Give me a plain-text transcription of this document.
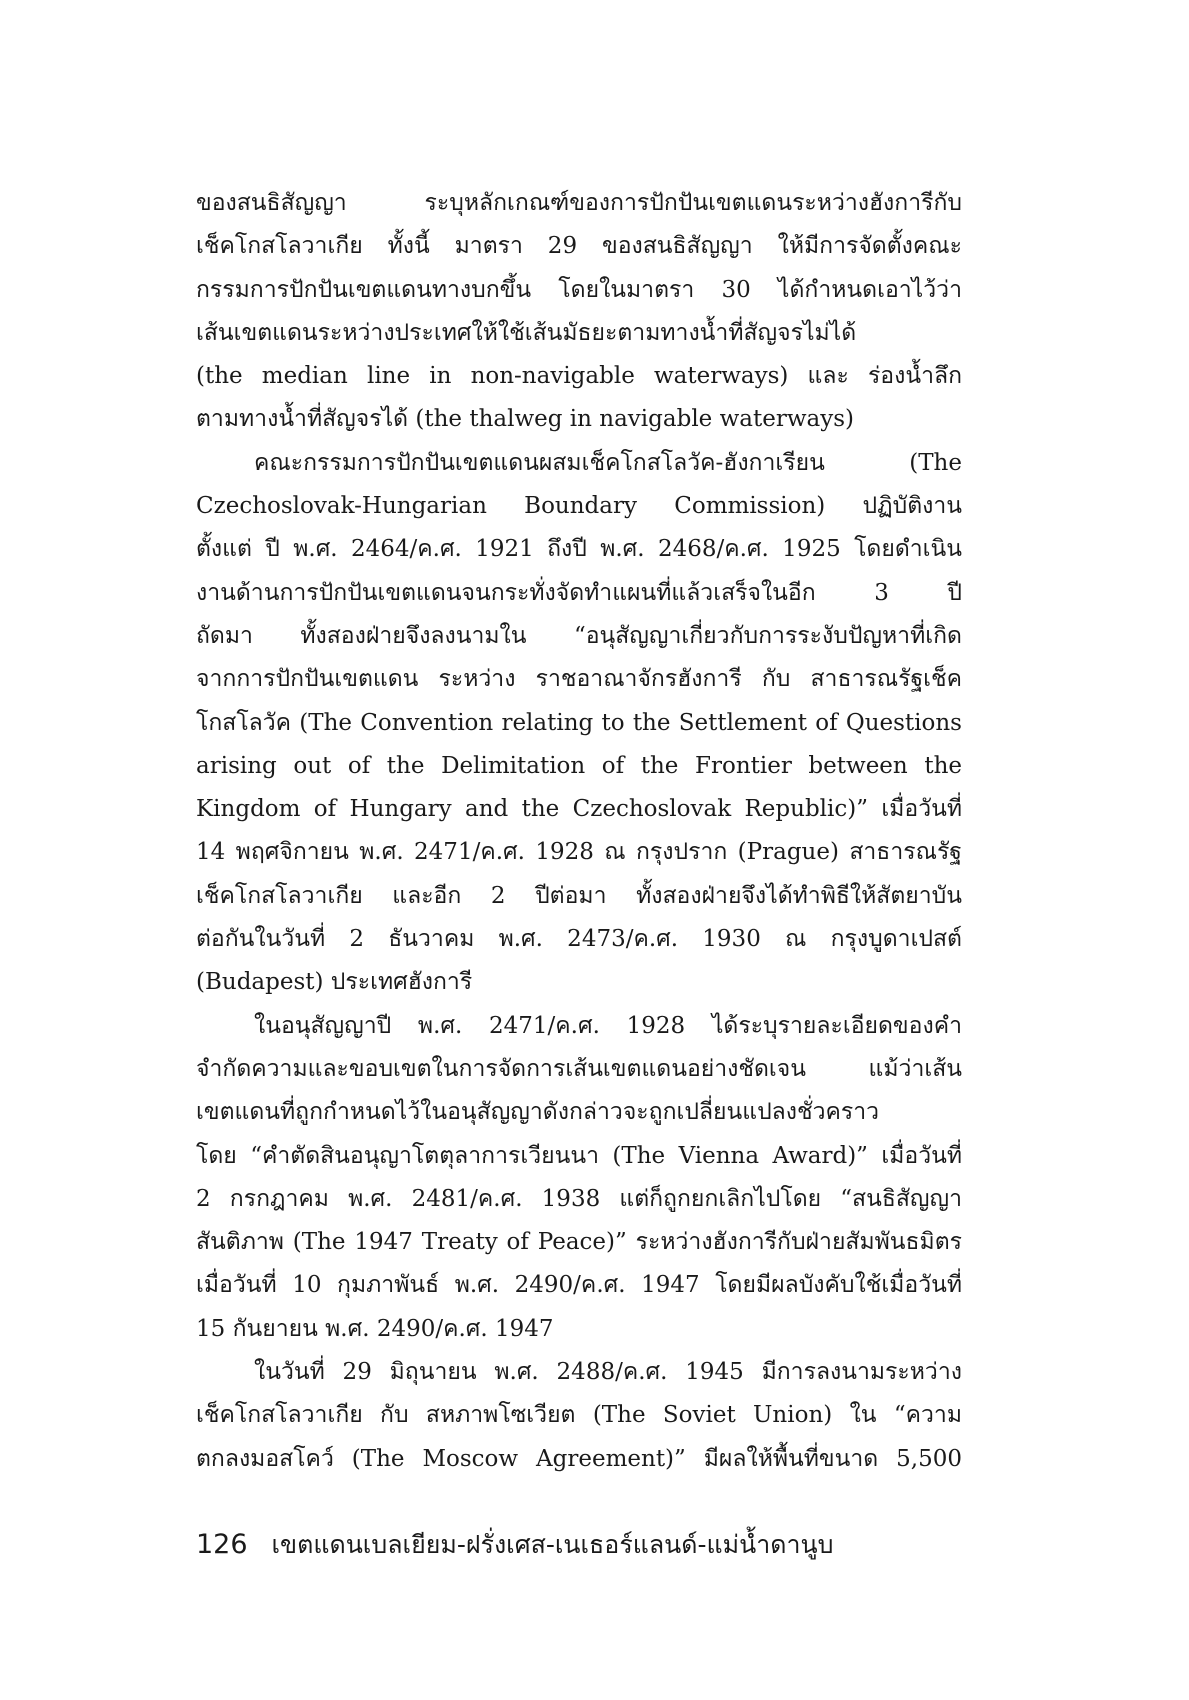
ของสนธิสัญญา ระบุหลักเกณฑ์ของการปักปันเขตแดนระหว่างฮังการีกับ
เช็คโกสโลวาเกีย ทั้งนี้ มาตรา 29 ของสนธิสัญญา ให้มีการจัดตั้งคณะ
กรรมการปักปันเขตแดนทางบกขึ้น โดยในมาตรา 30 ได้กำหนดเอาไว้ว่า
เส้นเขตแดนระหว่างประเทศให้ใช้เส้นมัธยะตามทางน้ำที่สัญจรไม่ได้
(the median line in non-navigable waterways) และ ร่องน้ำลึก
ตามทางน้ำที่สัญจรได้ (the thalweg in navigable waterways)
คณะกรรมการปักปันเขตแดนผสมเช็คโกสโลวัค-ฮังกาเรียน (The
Czechoslovak-Hungarian Boundary Commission) ปฏิบัติงาน
ตั้งแต่ ปี พ.ศ. 2464/ค.ศ. 1921 ถึงปี พ.ศ. 2468/ค.ศ. 1925 โดยดำเนิน
งานด้านการปักปันเขตแดนจนกระทั่งจัดทำแผนที่แล้วเสร็จในอีก 3 ปี
ถัดมา ทั้งสองฝ่ายจึงลงนามใน “อนุสัญญาเกี่ยวกับการระงับปัญหาที่เกิด
จากการปักปันเขตแดน ระหว่าง ราชอาณาจักรฮังการี กับ สาธารณรัฐเช็ค
โกสโลวัค (The Convention relating to the Settlement of Questions
arising out of the Delimitation of the Frontier between the
Kingdom of Hungary and the Czechoslovak Republic)” เมื่อวันที่
14 พฤศจิกายน พ.ศ. 2471/ค.ศ. 1928 ณ กรุงปราก (Prague) สาธารณรัฐ
เช็คโกสโลวาเกีย และอีก 2 ปีต่อมา ทั้งสองฝ่ายจึงได้ทำพิธีให้สัตยาบัน
ต่อกันในวันที่ 2 ธันวาคม พ.ศ. 2473/ค.ศ. 1930 ณ กรุงบูดาเปสต์
(Budapest) ประเทศฮังการี
ในอนุสัญญาปี พ.ศ. 2471/ค.ศ. 1928 ได้ระบุรายละเอียดของคำ
จำกัดความและขอบเขตในการจัดการเส้นเขตแดนอย่างชัดเจน แม้ว่าเส้น
เขตแดนที่ถูกกำหนดไว้ในอนุสัญญาดังกล่าวจะถูกเปลี่ยนแปลงชั่วคราว
โดย “คำตัดสินอนุญาโตตุลาการเวียนนา (The Vienna Award)” เมื่อวันที่
2 กรกฎาคม พ.ศ. 2481/ค.ศ. 1938 แต่ก็ถูกยกเลิกไปโดย “สนธิสัญญา
สันติภาพ (The 1947 Treaty of Peace)” ระหว่างฮังการีกับฝ่ายสัมพันธมิตร
เมื่อวันที่ 10 กุมภาพันธ์ พ.ศ. 2490/ค.ศ. 1947 โดยมีผลบังคับใช้เมื่อวันที่
15 กันยายน พ.ศ. 2490/ค.ศ. 1947
ในวันที่ 29 มิถุนายน พ.ศ. 2488/ค.ศ. 1945 มีการลงนามระหว่าง
เช็คโกสโลวาเกีย กับ สหภาพโซเวียต (The Soviet Union) ใน “ความ
ตกลงมอสโคว์ (The Moscow Agreement)” มีผลให้พื้นที่ขนาด 5,500
126 เขตแดนเบลเยียม-ฝรั่งเศส-เนเธอร์แลนด์-แม่น้ำดานูบ
